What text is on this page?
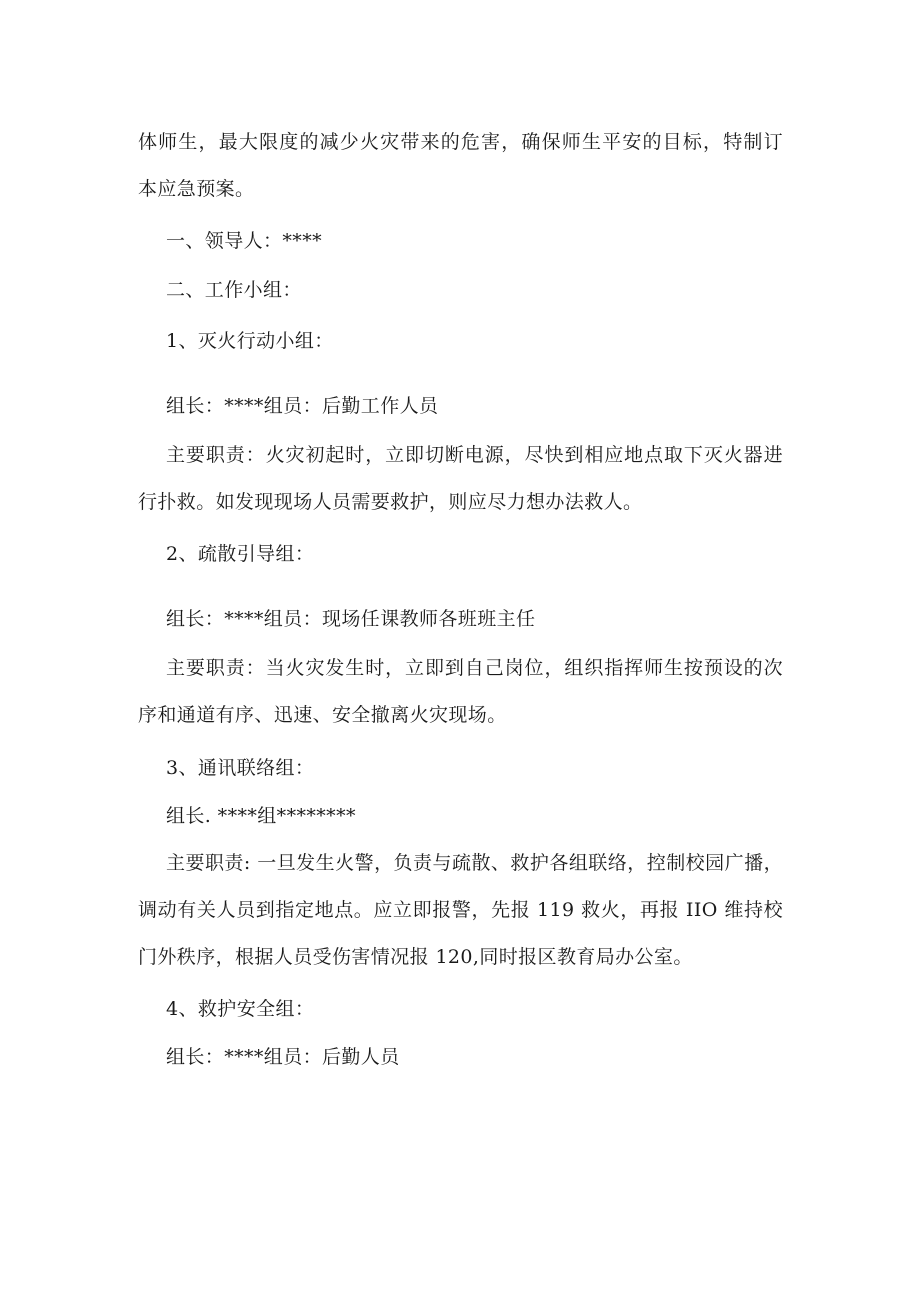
体师生，最大限度的减少火灾带来的危害，确保师生平安的目标，特制订
本应急预案。
一、领导人：****
二、工作小组：
1、灭火行动小组：
组长：****组员：后勤工作人员
主要职责：火灾初起时，立即切断电源，尽快到相应地点取下灭火器进
行扑救。如发现现场人员需要救护，则应尽力想办法救人。
2、疏散引导组：
组长：****组员：现场任课教师各班班主任
主要职责：当火灾发生时，立即到自己岗位，组织指挥师生按预设的次
序和通道有序、迅速、安全撤离火灾现场。
3、通讯联络组：
组长. ****组********
主要职责: 一旦发生火警，负责与疏散、救护各组联络，控制校园广播，
调动有关人员到指定地点。应立即报警，先报 119 救火，再报 IIO 维持校
门外秩序，根据人员受伤害情况报 120,同时报区教育局办公室。
4、救护安全组：
组长：****组员：后勤人员
